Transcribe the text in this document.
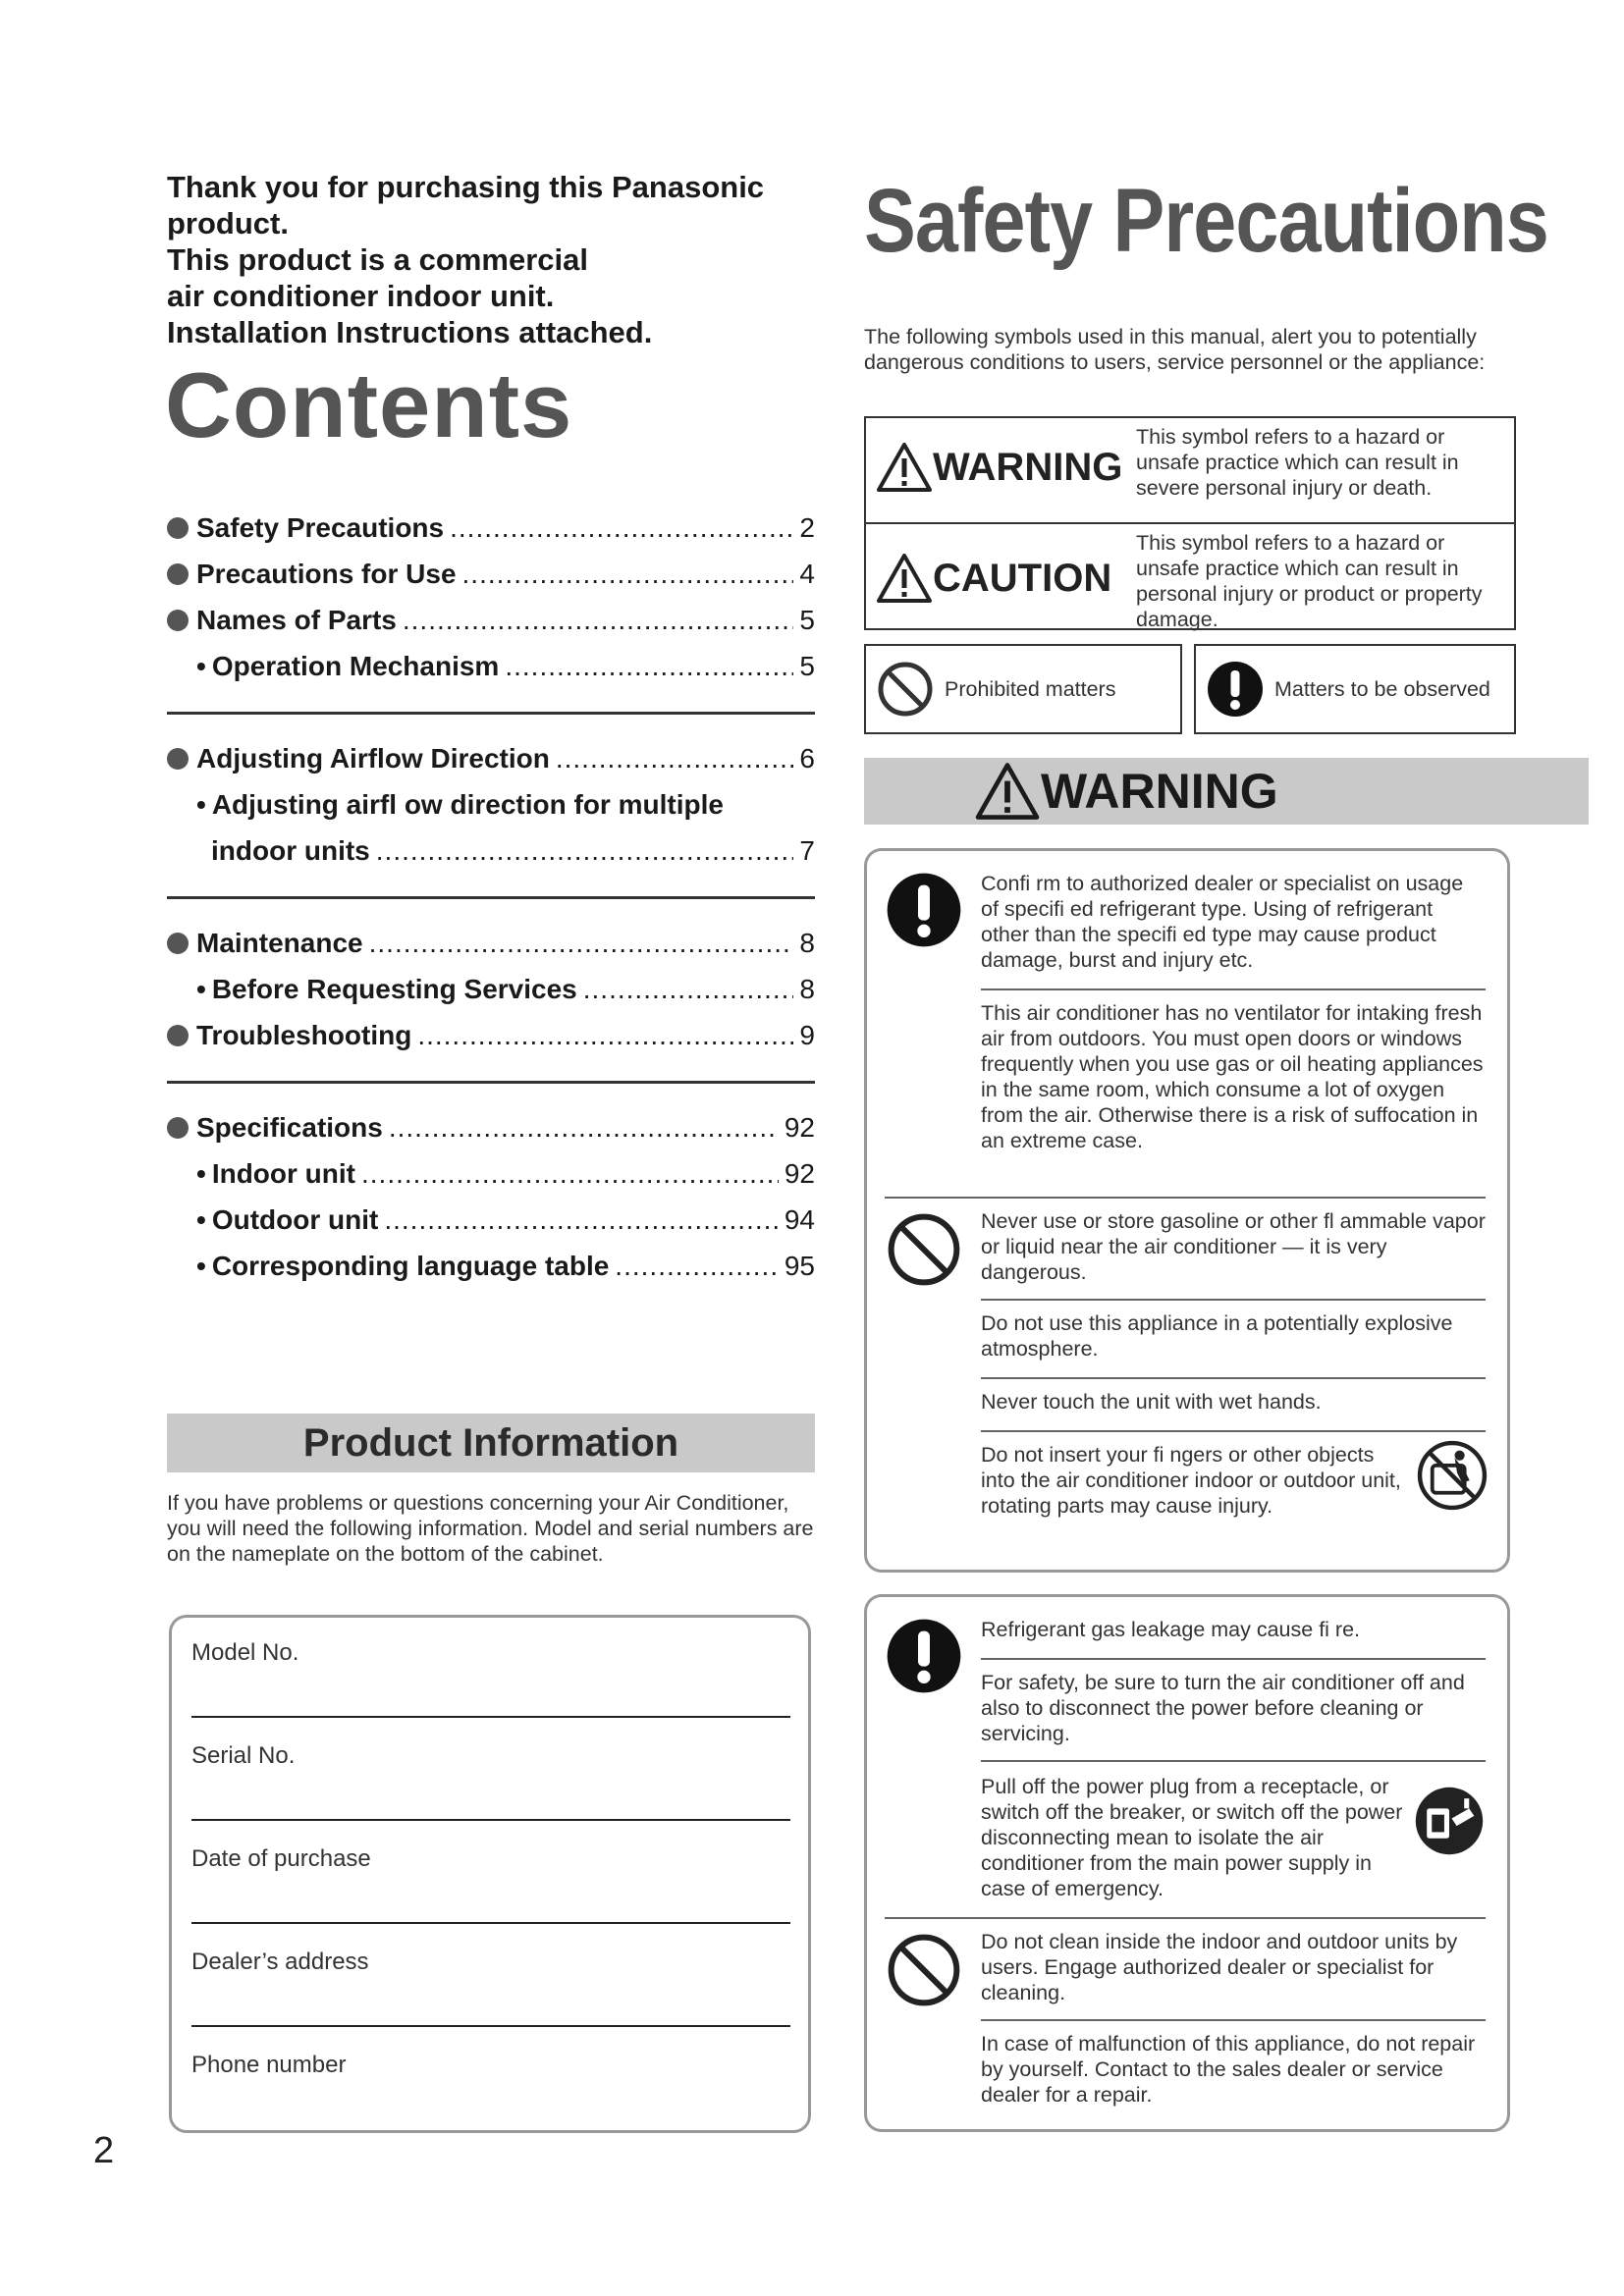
Thank you for purchasing this Panasonic
product.
This product is a commercial
air conditioner indoor unit.
Installation Instructions attached.
Contents
Safety Precautions .....	2
Precautions for Use .....	4
Names of Parts .....	5
• Operation Mechanism .....	5
Adjusting Airflow Direction .....	6
• Adjusting airfl ow direction for multiple
indoor units .....	7
Maintenance .....	8
• Before Requesting Services .....	8
Troubleshooting .....	9
Specifications .....	92
• Indoor unit .....	92
• Outdoor unit .....	94
• Corresponding language table .....	95
Product Information
If you have problems or questions concerning your Air Conditioner, you will need the following information. Model and serial numbers are on the nameplate on the bottom of the cabinet.
Model No.
Serial No.
Date of purchase
Dealer’s address
Phone number
2
Safety Precautions
The following symbols used in this manual, alert you to potentially dangerous conditions to users, service personnel or the appliance:
WARNING
This symbol refers to a hazard or unsafe practice which can result in severe personal injury or death.
CAUTION
This symbol refers to a hazard or unsafe practice which can result in personal injury or product or property damage.
Prohibited matters	Matters to be observed
WARNING
Confi rm to authorized dealer or specialist on usage of specifi ed refrigerant type. Using of refrigerant other than the specifi ed type may cause product damage, burst and injury etc.
This air conditioner has no ventilator for intaking fresh air from outdoors. You must open doors or windows frequently when you use gas or oil heating appliances in the same room, which consume a lot of oxygen from the air. Otherwise there is a risk of suffocation in an extreme case.
Never use or store gasoline or other fl ammable vapor or liquid near the air conditioner — it is very dangerous.
Do not use this appliance in a potentially explosive atmosphere.
Never touch the unit with wet hands.
Do not insert your fi ngers or other objects into the air conditioner indoor or outdoor unit, rotating parts may cause injury.
Refrigerant gas leakage may cause fi re.
For safety, be sure to turn the air conditioner off and also to disconnect the power before cleaning or servicing.
Pull off the power plug from a receptacle, or switch off the breaker, or switch off the power disconnecting mean to isolate the air conditioner from the main power supply in case of emergency.
Do not clean inside the indoor and outdoor units by users. Engage authorized dealer or specialist for cleaning.
In case of malfunction of this appliance, do not repair by yourself. Contact to the sales dealer or service dealer for a repair.
